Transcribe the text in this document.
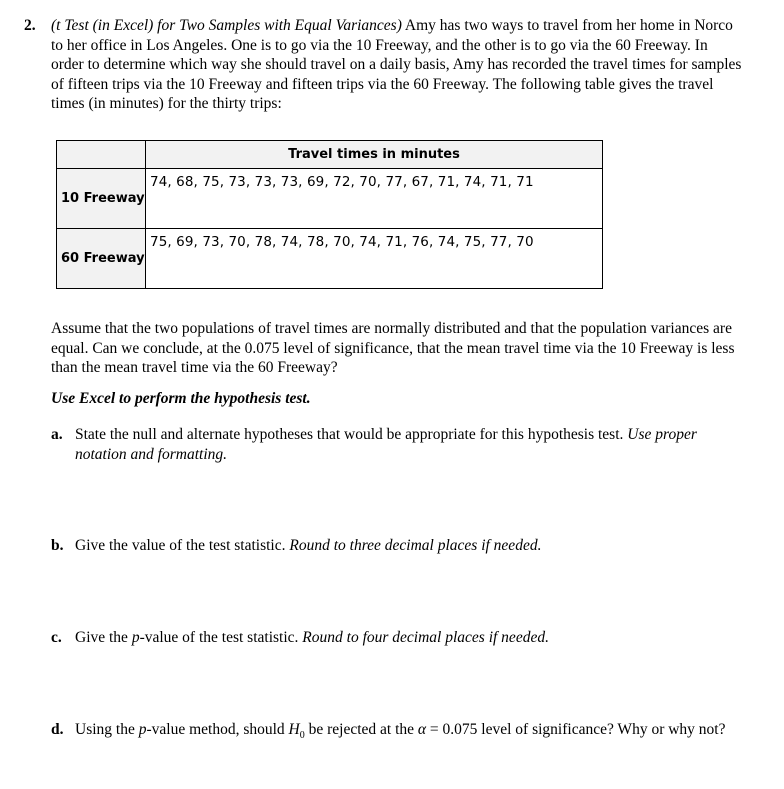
2. (t Test (in Excel) for Two Samples with Equal Variances) Amy has two ways to travel from her home in Norco to her office in Los Angeles. One is to go via the 10 Freeway, and the other is to go via the 60 Freeway. In order to determine which way she should travel on a daily basis, Amy has recorded the travel times for samples of fifteen trips via the 10 Freeway and fifteen trips via the 60 Freeway. The following table gives the travel times (in minutes) for the thirty trips:
	Travel times in minutes
10 Freeway	74, 68, 75, 73, 73, 73, 69, 72, 70, 77, 67, 71, 74, 71, 71
60 Freeway	75, 69, 73, 70, 78, 74, 78, 70, 74, 71, 76, 74, 75, 77, 70
Assume that the two populations of travel times are normally distributed and that the population variances are equal. Can we conclude, at the 0.075 level of significance, that the mean travel time via the 10 Freeway is less than the mean travel time via the 60 Freeway?
Use Excel to perform the hypothesis test.
a. State the null and alternate hypotheses that would be appropriate for this hypothesis test. Use proper notation and formatting.
b. Give the value of the test statistic. Round to three decimal places if needed.
c. Give the p-value of the test statistic. Round to four decimal places if needed.
d. Using the p-value method, should $H_0$ be rejected at the α = 0.075 level of significance? Why or why not?
